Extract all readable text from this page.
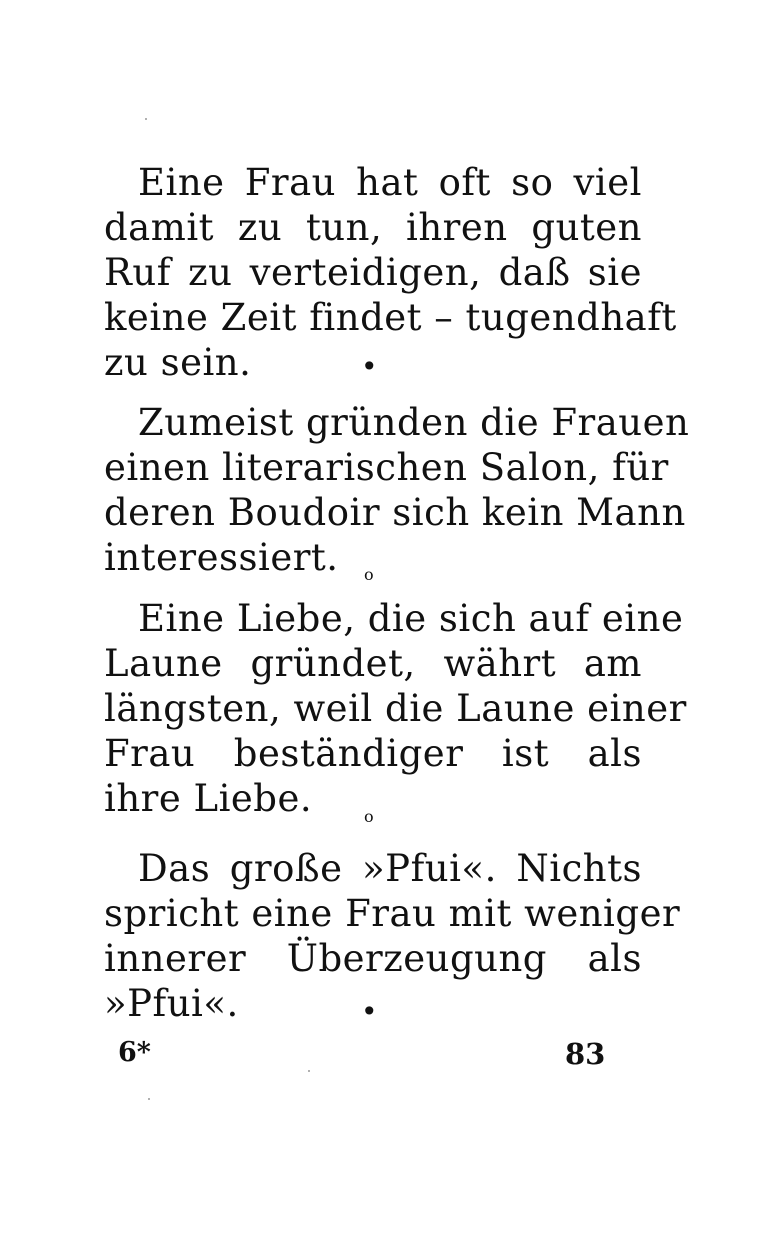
Eine Frau hat oft so viel
damit zu tun, ihren guten
Ruf zu verteidigen, daß sie
keine Zeit findet – tugendhaft
zu sein.	•
Zumeist gründen die Frauen
einen literarischen Salon, für
deren Boudoir sich kein Mann
interessiert.	o
Eine Liebe, die sich auf eine
Laune gründet, währt am
längsten, weil die Laune einer
Frau beständiger ist als
ihre Liebe.	o
Das große »Pfui«. Nichts
spricht eine Frau mit weniger
innerer Überzeugung als
»Pfui«.	•
6*	83
